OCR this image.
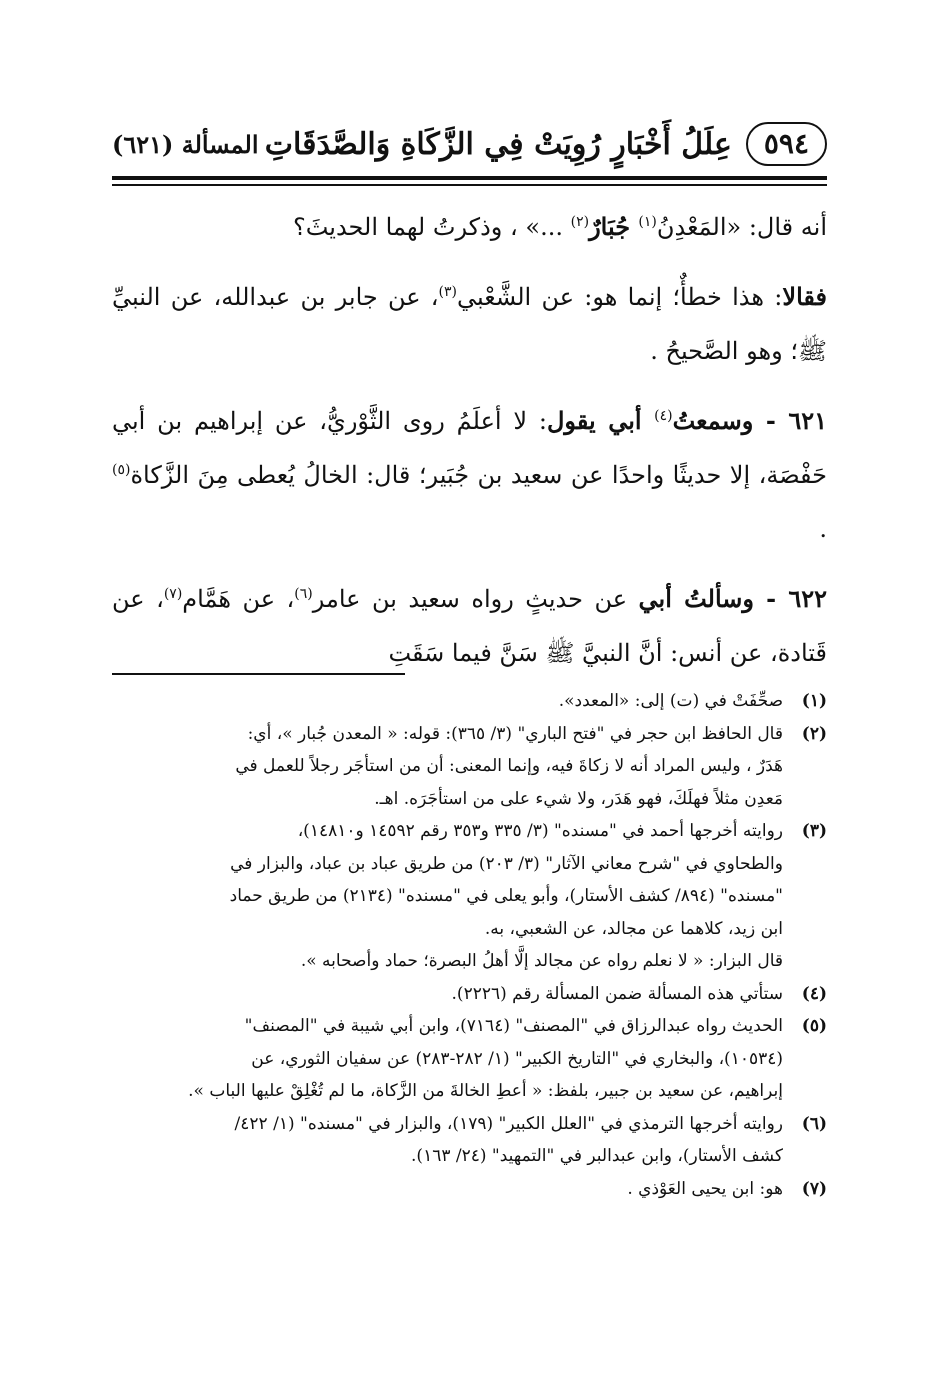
٥٩٤
عِلَلُ أَخْبَارٍ رُوِيَتْ فِي الزَّكَاةِ وَالصَّدَقَاتِ
المسألة (٦٢١)

أنه قال: «المَعْدِنُ$^{(١)}$ جُبَارٌ$^{(٢)}$ ...» ، وذكرتُ لهما الحديثَ؟

فقالا: هذا خطأٌ؛ إنما هو: عن الشَّعْبي$^{(٣)}$، عن جابر بن عبدالله، عن النبيِّ ﷺ؛ وهو الصَّحيحُ .

٦٢١ - وسمعتُ$^{(٤)}$ أبي يقول: لا أعلَمُ روى الثَّوْريُّ، عن إبراهيم بن أبي حَفْصَة، إلا حديثًا واحدًا عن سعيد بن جُبَير؛ قال: الخالُ يُعطى مِنَ الزَّكاة$^{(٥)}$ .

٦٢٢ - وسألتُ أبي عن حديثٍ رواه سعيد بن عامر$^{(٦)}$، عن هَمَّام$^{(٧)}$، عن قَتادة، عن أنس: أنَّ النبيَّ ﷺ سَنَّ فيما سَقَتِ

(١)
صحِّفَتْ في (ت) إلى: «المعدد».
(٢)
قال الحافظ ابن حجر في "فتح الباري" (٣/ ٣٦٥): قوله: « المعدن جُبار »، أي:
هَدَرٌ ، وليس المراد أنه لا زكاةَ فيه، وإنما المعنى: أن من استأجَر رجلاً للعمل في
مَعدِن مثلاً فهلَكَ، فهو هَدَر، ولا شيء على من استأجَرَه. اهـ.
(٣)
روايته أخرجها أحمد في "مسنده" (٣/ ٣٣٥ و٣٥٣ رقم ١٤٥٩٢ و١٤٨١٠)،
والطحاوي في "شرح معاني الآثار" (٣/ ٢٠٣) من طريق عباد بن عباد، والبزار في
"مسنده" (٨٩٤/ كشف الأستار)، وأبو يعلى في "مسنده" (٢١٣٤) من طريق حماد
ابن زيد، كلاهما عن مجالد، عن الشعبي، به.
قال البزار: « لا نعلم رواه عن مجالد إلَّا أهلُ البصرة؛ حماد وأصحابه ».
(٤)
ستأتي هذه المسألة ضمن المسألة رقم (٢٢٢٦).
(٥)
الحديث رواه عبدالرزاق في "المصنف" (٧١٦٤)، وابن أبي شيبة في "المصنف"
(١٠٥٣٤)، والبخاري في "التاريخ الكبير" (١/ ٢٨٢-٢٨٣) عن سفيان الثوري، عن
إبراهيم، عن سعيد بن جبير، بلفظ: « أعطِ الخالةَ من الزَّكاة، ما لم تُغْلِقْ عليها الباب ».
(٦)
روايته أخرجها الترمذي في "العلل الكبير" (١٧٩)، والبزار في "مسنده" (١/ ٤٢٢/
كشف الأستار)، وابن عبدالبر في "التمهيد" (٢٤/ ١٦٣).
(٧)
هو: ابن يحيى العَوْذي .
